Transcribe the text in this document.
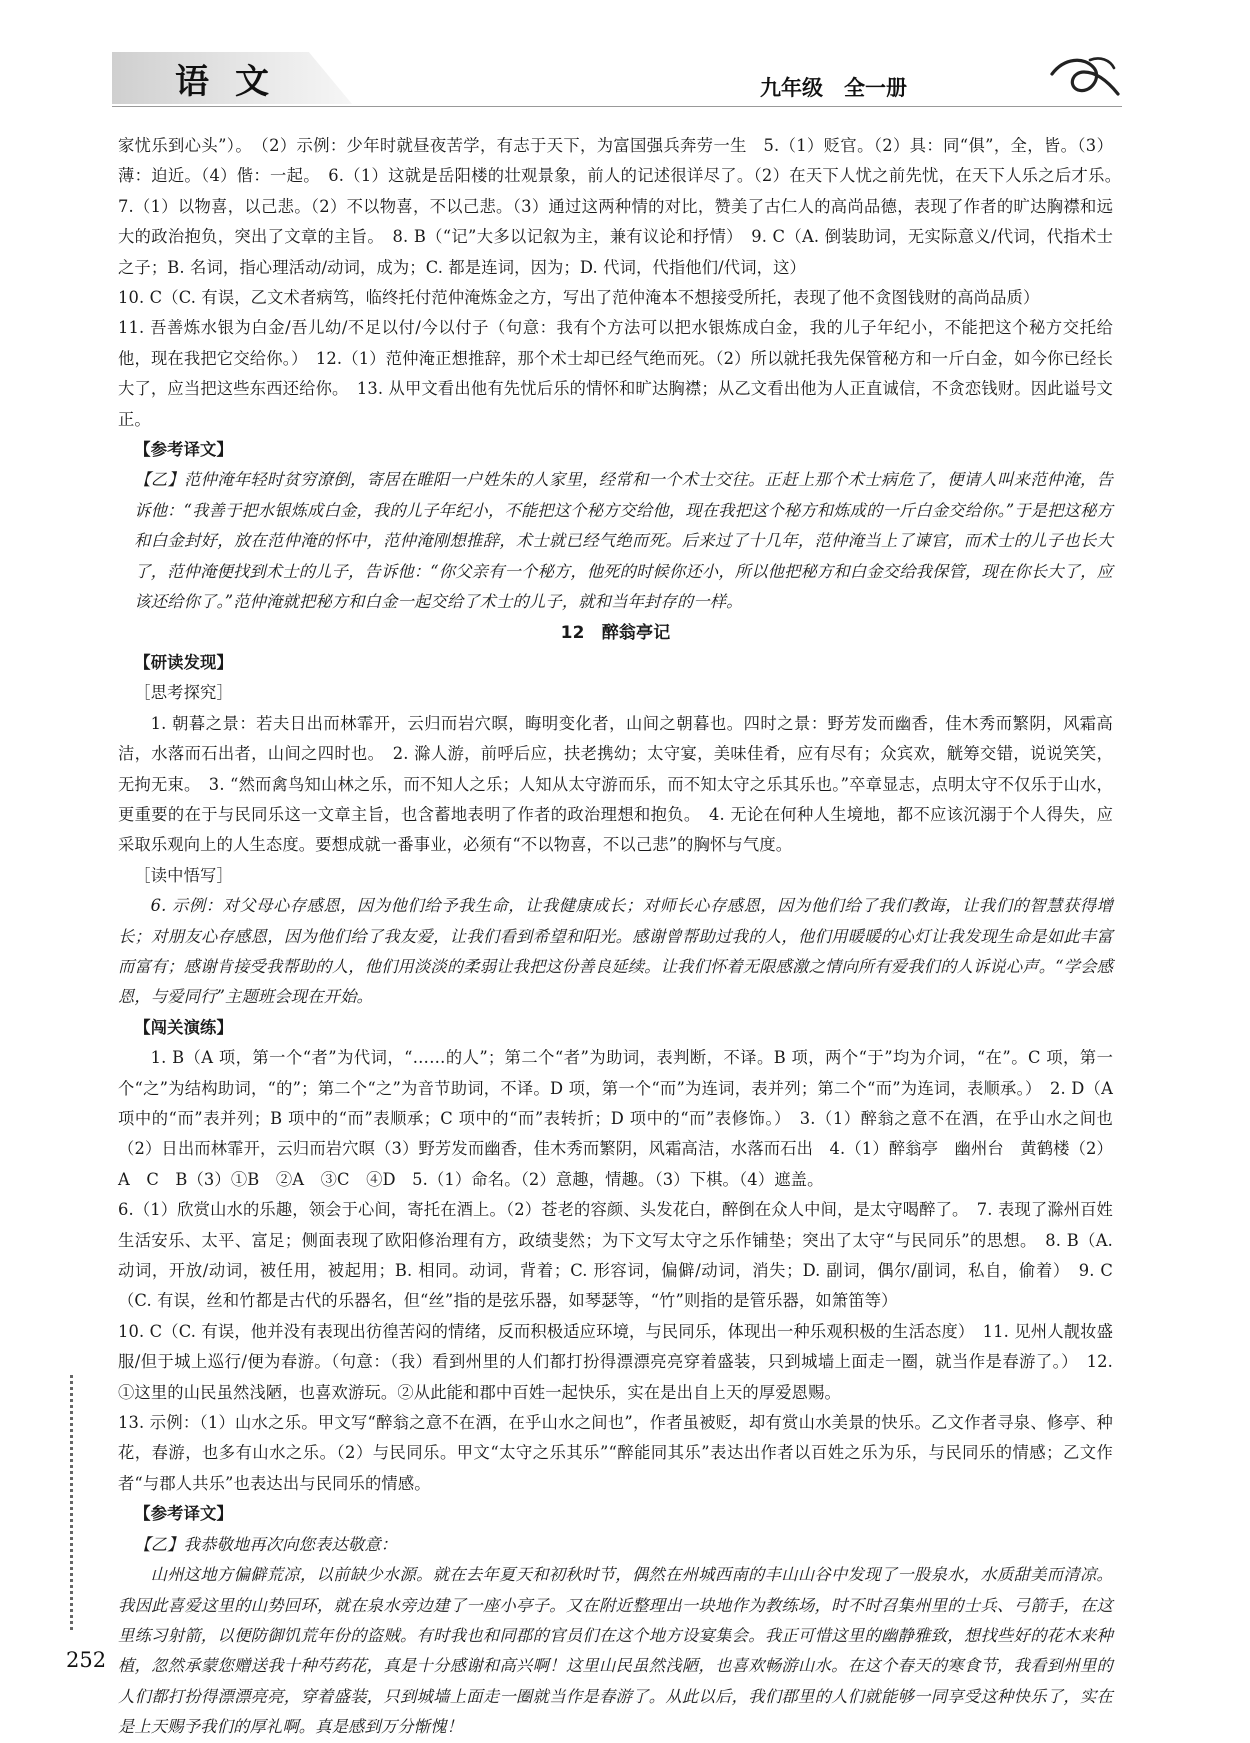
语文	九年级　全一册

家忧乐到心头”）。　（2）示例：少年时就昼夜苦学，有志于天下，为富国强兵奔劳一生　5.（1）贬官。（2）具：同“俱”，全，皆。（3）薄：迫近。（4）偕：一起。　6.（1）这就是岳阳楼的壮观景象，前人的记述很详尽了。（2）在天下人忧之前先忧，在天下人乐之后才乐。　7.（1）以物喜，以己悲。（2）不以物喜，不以己悲。（3）通过这两种情的对比，赞美了古仁人的高尚品德，表现了作者的旷达胸襟和远大的政治抱负，突出了文章的主旨。　8. B（“记”大多以记叙为主，兼有议论和抒情）　9. C（A. 倒装助词，无实际意义/代词，代指术士之子；B. 名词，指心理活动/动词，成为；C. 都是连词，因为；D. 代词，代指他们/代词，这）

10. C（C. 有误，乙文术者病笃，临终托付范仲淹炼金之方，写出了范仲淹本不想接受所托，表现了他不贪图钱财的高尚品质）

11. 吾善炼水银为白金/吾儿幼/不足以付/今以付子（句意：我有个方法可以把水银炼成白金，我的儿子年纪小，不能把这个秘方交托给他，现在我把它交给你。）　12.（1）范仲淹正想推辞，那个术士却已经气绝而死。（2）所以就托我先保管秘方和一斤白金，如今你已经长大了，应当把这些东西还给你。　13. 从甲文看出他有先忧后乐的情怀和旷达胸襟；从乙文看出他为人正直诚信，不贪恋钱财。因此谥号文正。

【参考译文】

【乙】范仲淹年轻时贫穷潦倒，寄居在睢阳一户姓朱的人家里，经常和一个术士交往。正赶上那个术士病危了，便请人叫来范仲淹，告诉他：“我善于把水银炼成白金，我的儿子年纪小，不能把这个秘方交给他，现在我把这个秘方和炼成的一斤白金交给你。”于是把这秘方和白金封好，放在范仲淹的怀中，范仲淹刚想推辞，术士就已经气绝而死。后来过了十几年，范仲淹当上了谏官，而术士的儿子也长大了，范仲淹便找到术士的儿子，告诉他：“你父亲有一个秘方，他死的时候你还小，所以他把秘方和白金交给我保管，现在你长大了，应该还给你了。”范仲淹就把秘方和白金一起交给了术士的儿子，就和当年封存的一样。

12　醉翁亭记

【研读发现】

［思考探究］

1. 朝暮之景：若夫日出而林霏开，云归而岩穴暝，晦明变化者，山间之朝暮也。四时之景：野芳发而幽香，佳木秀而繁阴，风霜高洁，水落而石出者，山间之四时也。　2. 滁人游，前呼后应，扶老携幼；太守宴，美味佳肴，应有尽有；众宾欢，觥筹交错，说说笑笑，无拘无束。　3. “然而禽鸟知山林之乐，而不知人之乐；人知从太守游而乐，而不知太守之乐其乐也。”卒章显志，点明太守不仅乐于山水，更重要的在于与民同乐这一文章主旨，也含蓄地表明了作者的政治理想和抱负。　4. 无论在何种人生境地，都不应该沉溺于个人得失，应采取乐观向上的人生态度。要想成就一番事业，必须有“不以物喜，不以己悲”的胸怀与气度。

［读中悟写］

6. 示例：对父母心存感恩，因为他们给予我生命，让我健康成长；对师长心存感恩，因为他们给了我们教诲，让我们的智慧获得增长；对朋友心存感恩，因为他们给了我友爱，让我们看到希望和阳光。感谢曾帮助过我的人，他们用暖暖的心灯让我发现生命是如此丰富而富有；感谢肯接受我帮助的人，他们用淡淡的柔弱让我把这份善良延续。让我们怀着无限感激之情向所有爱我们的人诉说心声。“学会感恩，与爱同行”主题班会现在开始。

【闯关演练】

1. B（A 项，第一个“者”为代词，“……的人”；第二个“者”为助词，表判断，不译。B 项，两个“于”均为介词，“在”。C 项，第一个“之”为结构助词，“的”；第二个“之”为音节助词，不译。D 项，第一个“而”为连词，表并列；第二个“而”为连词，表顺承。）　2. D（A 项中的“而”表并列；B 项中的“而”表顺承；C 项中的“而”表转折；D 项中的“而”表修饰。）　3.（1）醉翁之意不在酒，在乎山水之间也（2）日出而林霏开，云归而岩穴暝（3）野芳发而幽香，佳木秀而繁阴，风霜高洁，水落而石出　4.（1）醉翁亭　幽州台　黄鹤楼（2）A　C　B（3）①B　②A　③C　④D　5.（1）命名。（2）意趣，情趣。（3）下棋。（4）遮盖。

6.（1）欣赏山水的乐趣，领会于心间，寄托在酒上。（2）苍老的容颜、头发花白，醉倒在众人中间，是太守喝醉了。　7. 表现了滁州百姓生活安乐、太平、富足；侧面表现了欧阳修治理有方，政绩斐然；为下文写太守之乐作铺垫；突出了太守“与民同乐”的思想。　8. B（A. 动词，开放/动词，被任用，被起用；B. 相同。动词，背着；C. 形容词，偏僻/动词，消失；D. 副词，偶尔/副词，私自，偷着）　9. C（C. 有误，丝和竹都是古代的乐器名，但“丝”指的是弦乐器，如琴瑟等，“竹”则指的是管乐器，如箫笛等）

10. C（C. 有误，他并没有表现出彷徨苦闷的情绪，反而积极适应环境，与民同乐，体现出一种乐观积极的生活态度）　11. 见州人靓妆盛服/但于城上巡行/便为春游。（句意：（我）看到州里的人们都打扮得漂漂亮亮穿着盛装，只到城墙上面走一圈，就当作是春游了。）　12. ①这里的山民虽然浅陋，也喜欢游玩。②从此能和郡中百姓一起快乐，实在是出自上天的厚爱恩赐。

13. 示例：（1）山水之乐。甲文写“醉翁之意不在酒，在乎山水之间也”，作者虽被贬，却有赏山水美景的快乐。乙文作者寻泉、修亭、种花，春游，也多有山水之乐。（2）与民同乐。甲文“太守之乐其乐”“醉能同其乐”表达出作者以百姓之乐为乐，与民同乐的情感；乙文作者“与郡人共乐”也表达出与民同乐的情感。

【参考译文】

【乙】我恭敬地再次向您表达敬意：

山州这地方偏僻荒凉，以前缺少水源。就在去年夏天和初秋时节，偶然在州城西南的丰山山谷中发现了一股泉水，水质甜美而清凉。我因此喜爱这里的山势回环，就在泉水旁边建了一座小亭子。又在附近整理出一块地作为教练场，时不时召集州里的士兵、弓箭手，在这里练习射箭，以便防御饥荒年份的盗贼。有时我也和同郡的官员们在这个地方设宴集会。我正可惜这里的幽静雅致，想找些好的花木来种植，忽然承蒙您赠送我十种芍药花，真是十分感谢和高兴啊！这里山民虽然浅陋，也喜欢畅游山水。在这个春天的寒食节，我看到州里的人们都打扮得漂漂亮亮，穿着盛装，只到城墙上面走一圈就当作是春游了。从此以后，我们郡里的人们就能够一同享受这种快乐了，实在是上天赐予我们的厚礼啊。真是感到万分惭愧！

252
